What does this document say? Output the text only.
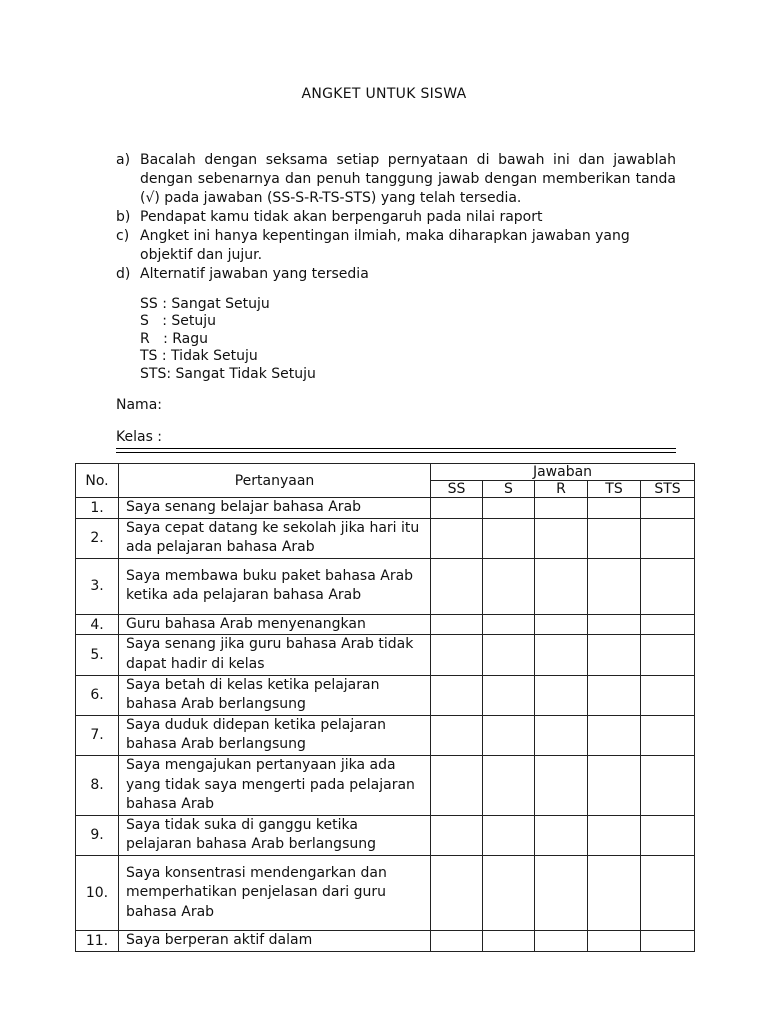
ANGKET UNTUK SISWA
a) Bacalah dengan seksama setiap pernyataan di bawah ini dan jawablah dengan sebenarnya dan penuh tanggung jawab dengan memberikan tanda (√) pada jawaban (SS-S-R-TS-STS) yang telah tersedia.
b) Pendapat kamu tidak akan berpengaruh pada nilai raport
c) Angket ini hanya kepentingan ilmiah, maka diharapkan jawaban yang objektif dan jujur.
d) Alternatif jawaban yang tersedia
SS : Sangat Setuju
S   : Setuju
R   : Ragu
TS : Tidak Setuju
STS: Sangat Tidak Setuju
Nama:
Kelas :
No.	Pertanyaan	Jawaban				
		SS	S	R	TS	STS
1.	Saya senang belajar bahasa Arab					
2.	Saya cepat datang ke sekolah jika hari itu ada pelajaran bahasa Arab					
3.	Saya membawa buku paket bahasa Arab ketika ada pelajaran bahasa Arab					
4.	Guru bahasa Arab menyenangkan					
5.	Saya senang jika guru bahasa Arab tidak dapat hadir di kelas					
6.	Saya betah di kelas ketika pelajaran bahasa Arab berlangsung					
7.	Saya duduk didepan ketika pelajaran bahasa Arab berlangsung					
8.	Saya mengajukan pertanyaan jika ada yang tidak saya mengerti pada pelajaran bahasa Arab					
9.	Saya tidak suka di ganggu ketika pelajaran bahasa Arab berlangsung					
10.	Saya konsentrasi mendengarkan dan memperhatikan penjelasan dari guru bahasa Arab					
11.	Saya berperan aktif dalam					
